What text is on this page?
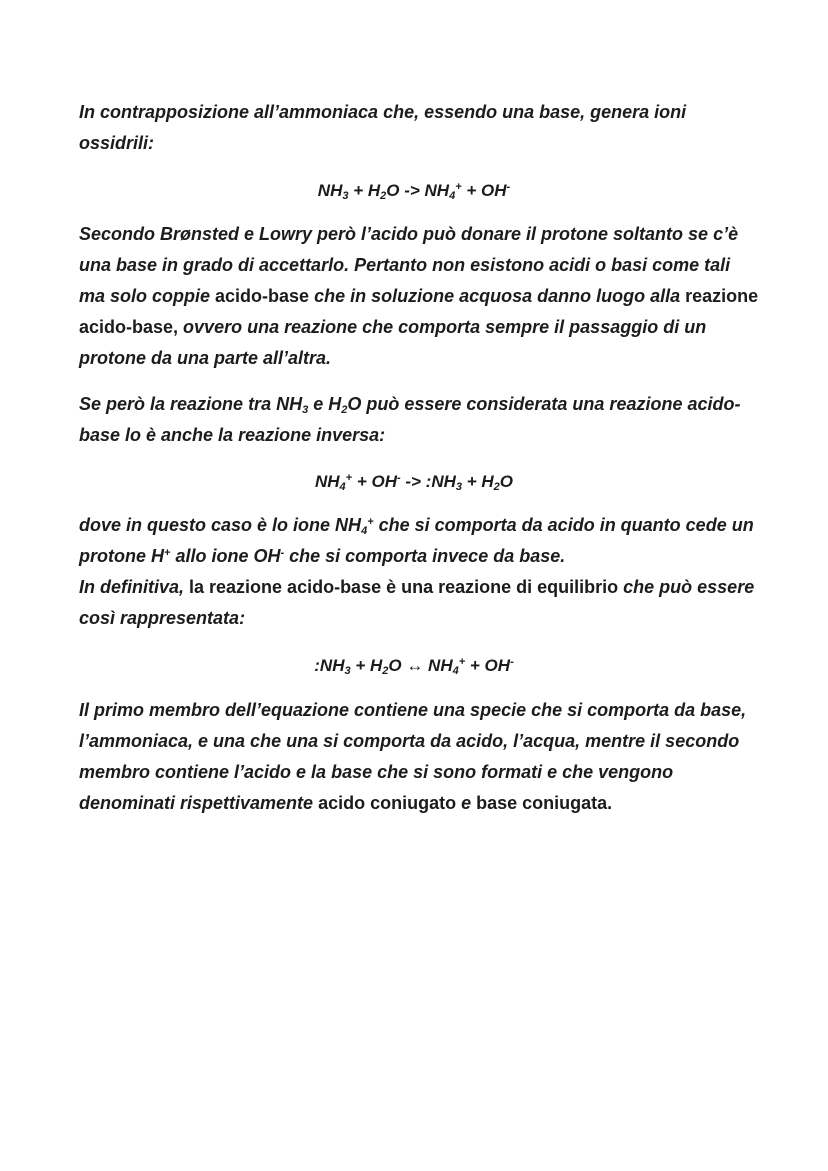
In contrapposizione all’ammoniaca che, essendo una base, genera ioni ossidrili:

$NH_3 + H_2O -> NH_4^+ + OH^-$

Secondo Brønsted e Lowry però l’acido può donare il protone soltanto se c’è una base in grado di accettarlo. Pertanto non esistono acidi o basi come tali ma solo coppie acido-base che in soluzione acquosa danno luogo alla reazione acido-base, ovvero una reazione che comporta sempre il passaggio di un protone da una parte all’altra.

Se però la reazione tra $NH_3$ e $H_2O$ può essere considerata una reazione acido-base lo è anche la reazione inversa:

$NH_4^+ + OH^-$ -> $:NH_3 + H_2O$

dove in questo caso è lo ione $NH_4^+$ che si comporta da acido in quanto cede un protone H+ allo ione OH- che si comporta invece da base.
In definitiva, la reazione acido-base è una reazione di equilibrio che può essere così rappresentata:

$:NH_3 + H_2O$ ↔ $NH_4^+ + OH^-$

Il primo membro dell’equazione contiene una specie che si comporta da base, l’ammoniaca, e una che una si comporta da acido, l’acqua, mentre il secondo membro contiene l’acido e la base che si sono formati e che vengono denominati rispettivamente acido coniugato e base coniugata.
